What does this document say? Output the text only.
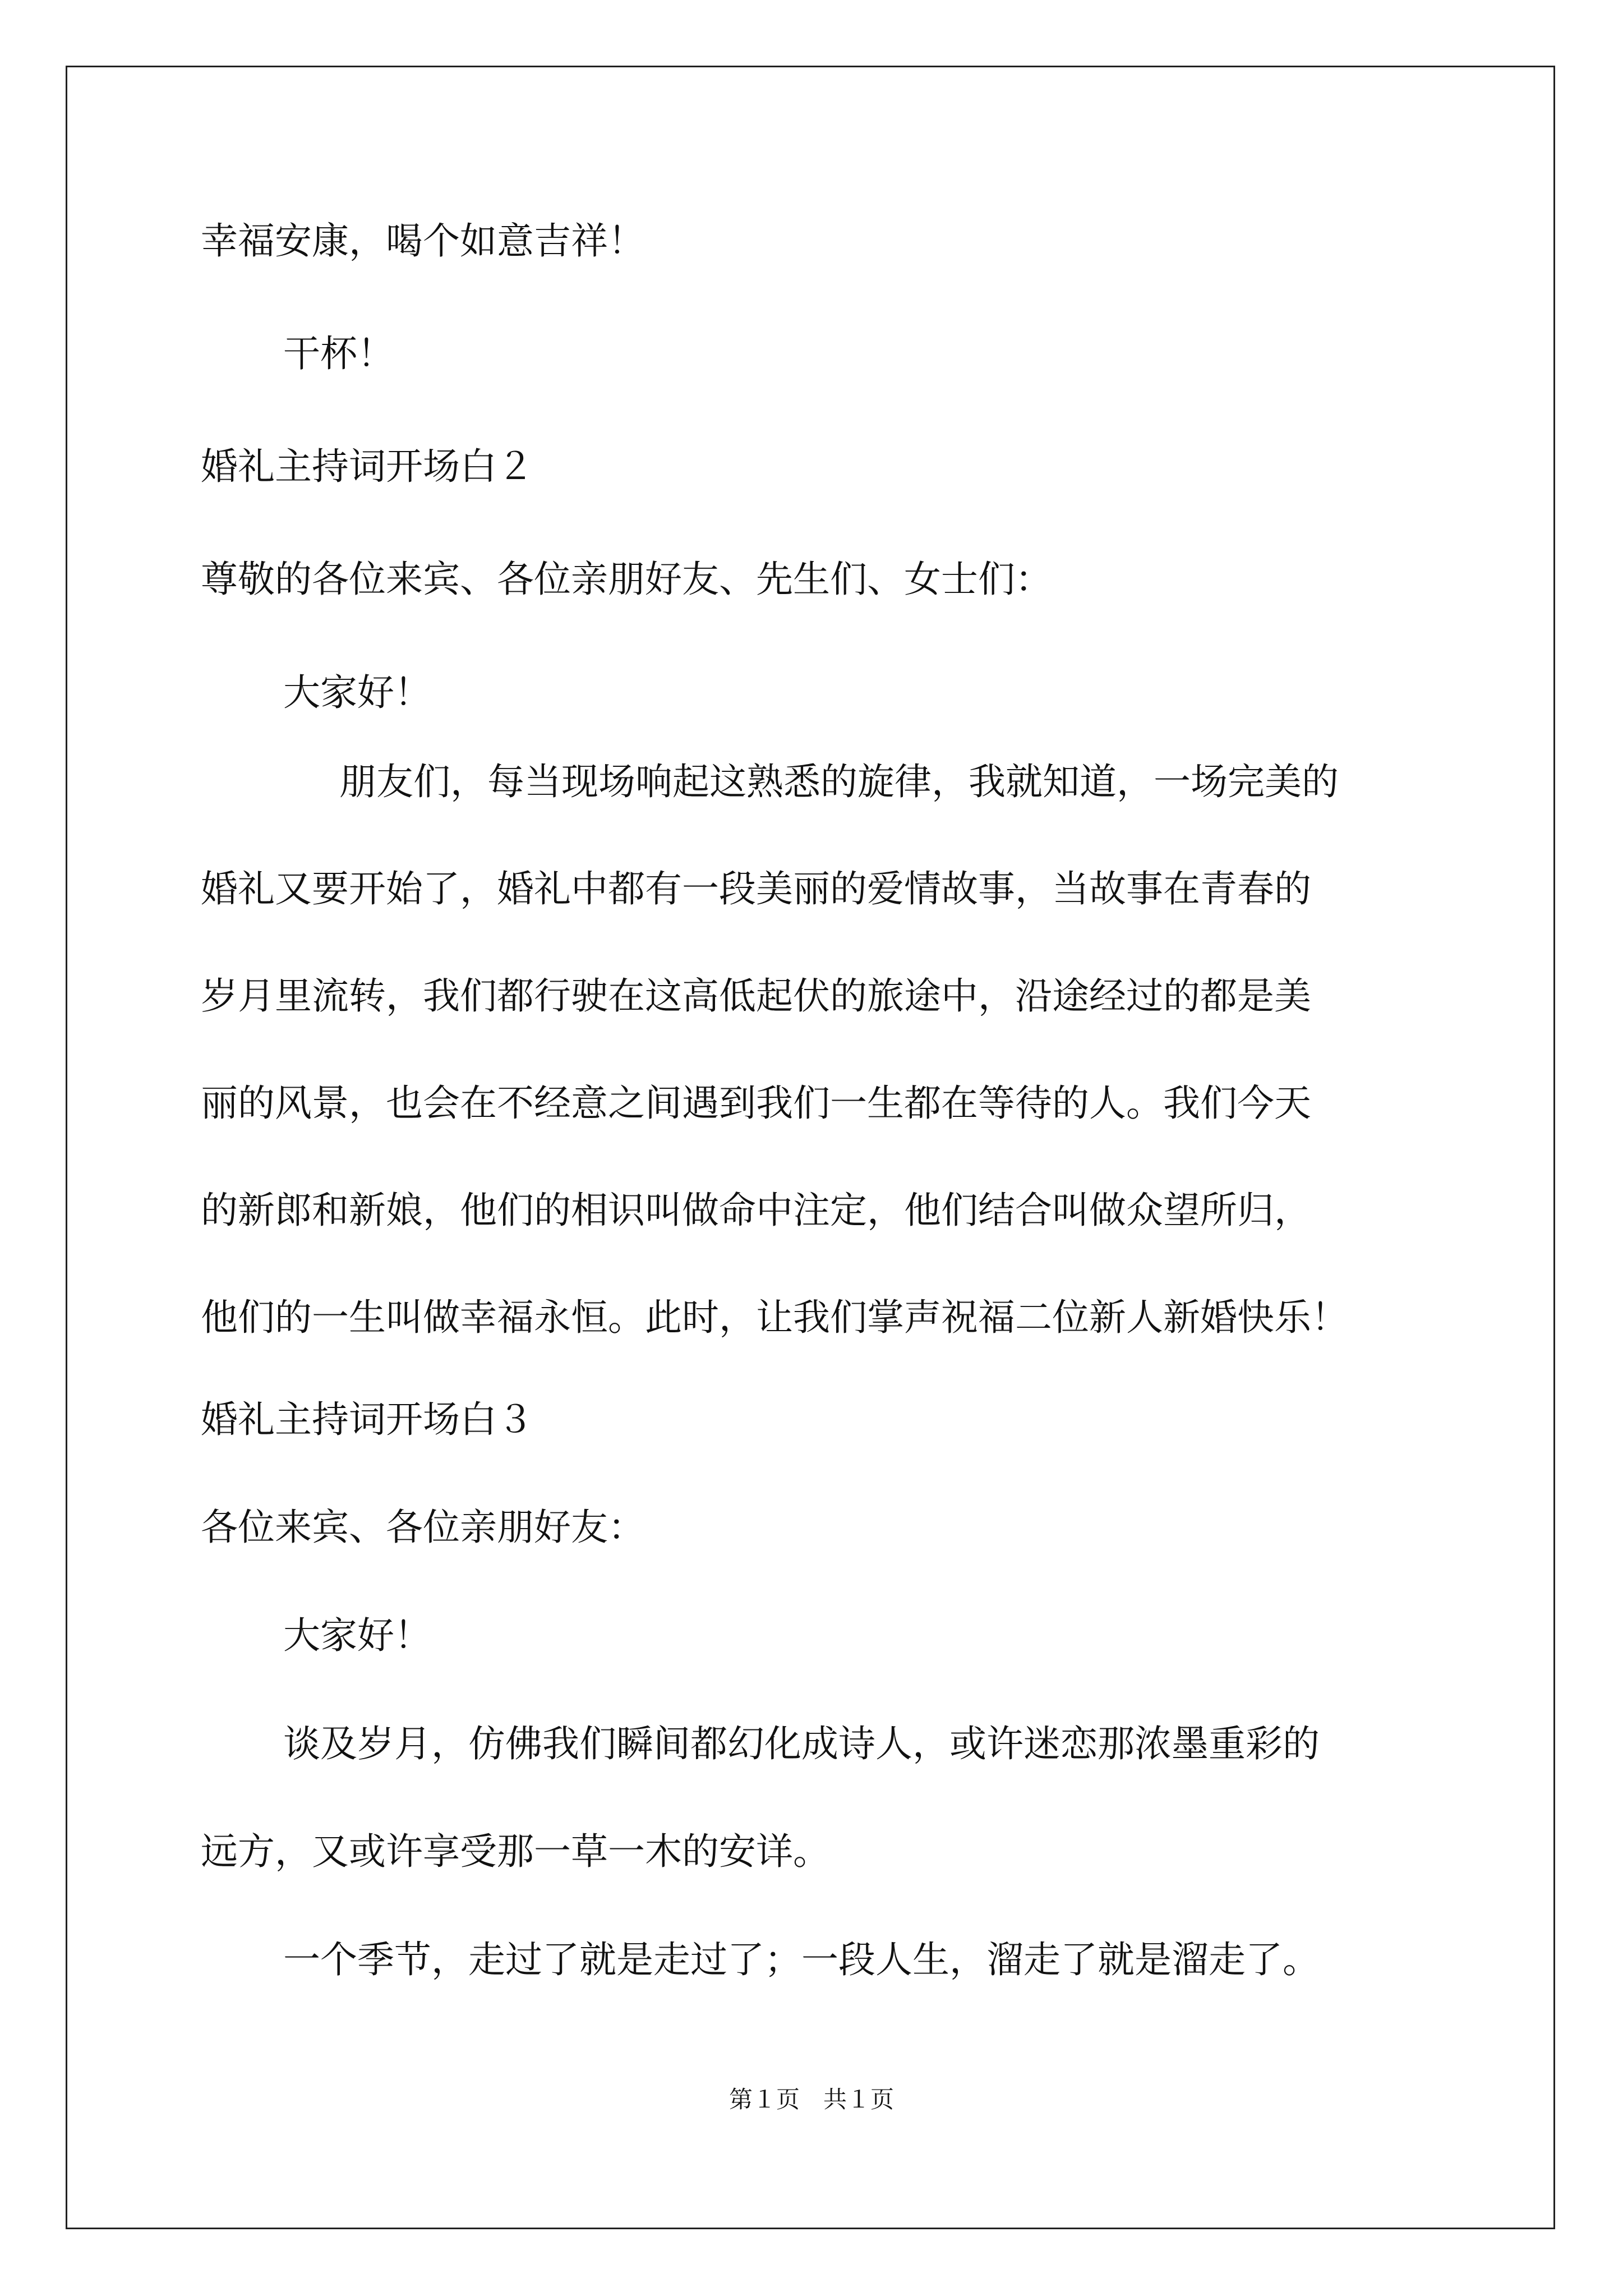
幸福安康，喝个如意吉祥！
干杯！
婚礼主持词开场白２
尊敬的各位来宾、各位亲朋好友、先生们、女士们：
大家好！
朋友们，每当现场响起这熟悉的旋律，我就知道，一场完美的
婚礼又要开始了，婚礼中都有一段美丽的爱情故事，当故事在青春的
岁月里流转，我们都行驶在这高低起伏的旅途中，沿途经过的都是美
丽的风景，也会在不经意之间遇到我们一生都在等待的人。我们今天
的新郎和新娘，他们的相识叫做命中注定，他们结合叫做众望所归，
他们的一生叫做幸福永恒。此时，让我们掌声祝福二位新人新婚快乐！
婚礼主持词开场白３
各位来宾、各位亲朋好友：
大家好！
谈及岁月，仿佛我们瞬间都幻化成诗人，或许迷恋那浓墨重彩的
远方，又或许享受那一草一木的安详。
一个季节，走过了就是走过了；一段人生，溜走了就是溜走了。
第１页　共１页
